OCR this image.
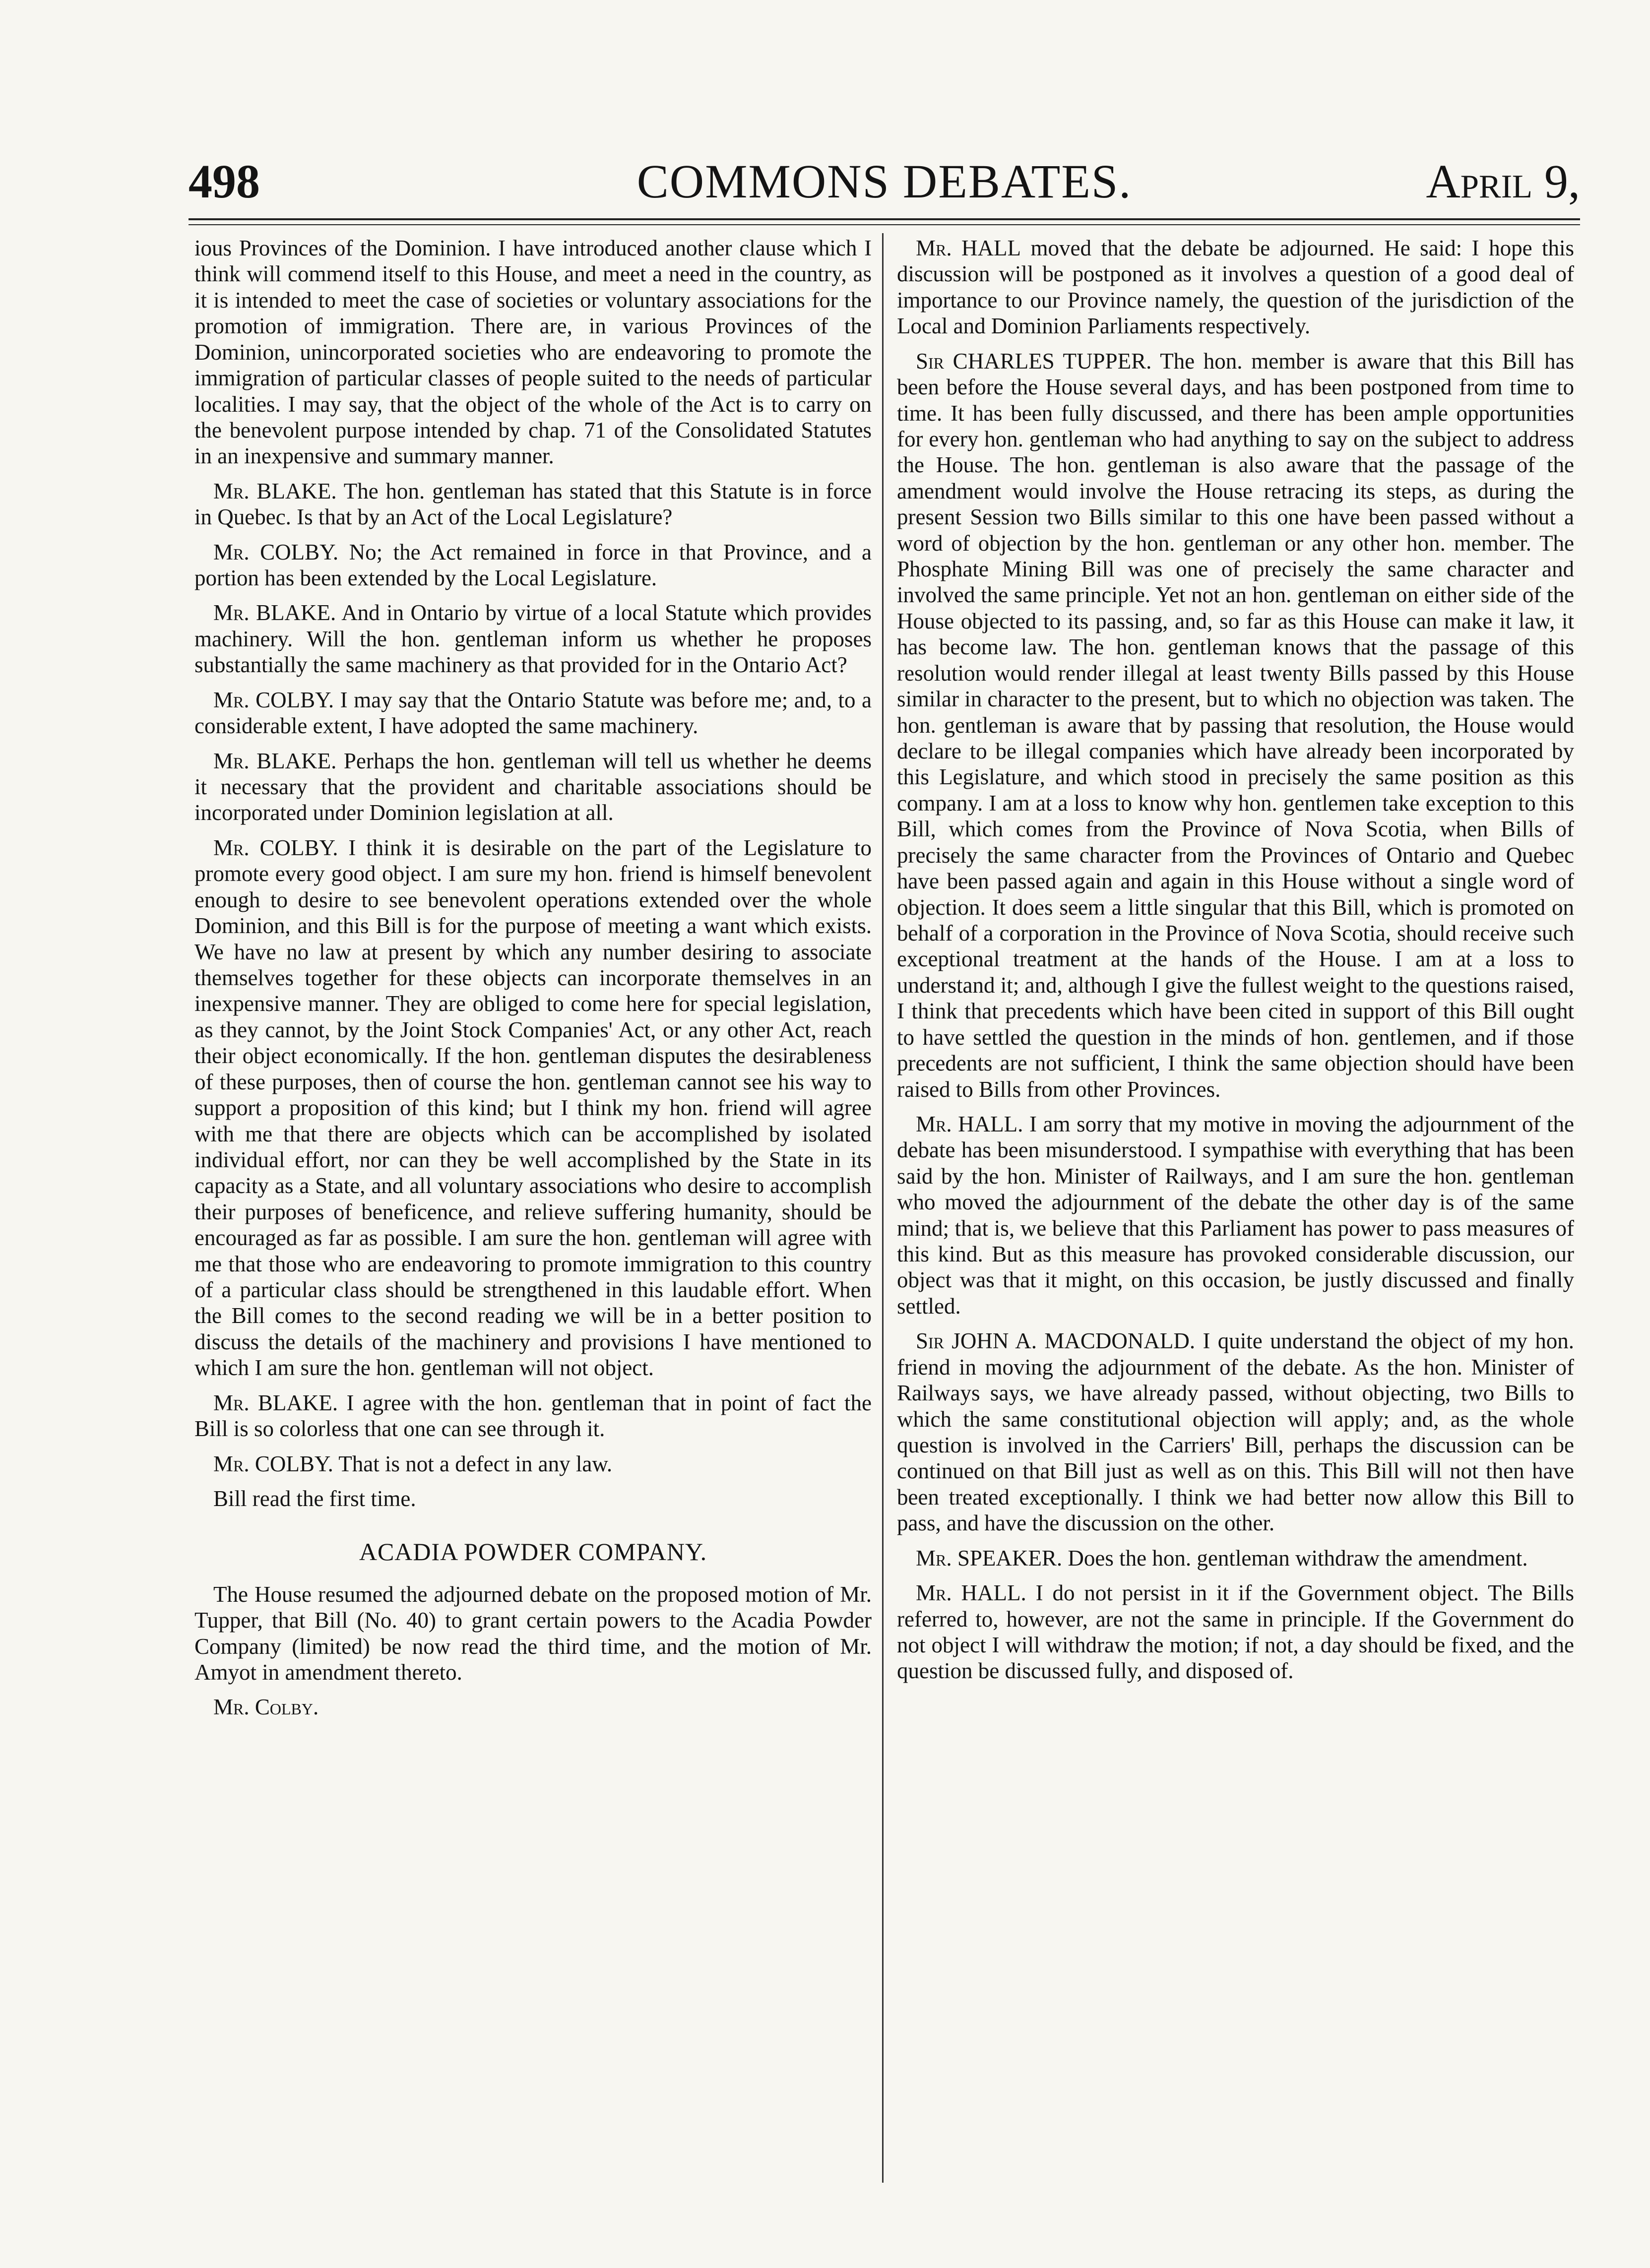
498	COMMONS DEBATES.	April 9,

ious Provinces of the Dominion. I have introduced another clause which I think will commend itself to this House, and meet a need in the country, as it is intended to meet the case of societies or voluntary associations for the promotion of immigration. There are, in various Provinces of the Dominion, unincorporated societies who are endeavoring to promote the immigration of particular classes of people suited to the needs of particular localities. I may say, that the object of the whole of the Act is to carry on the benevolent purpose intended by chap. 71 of the Consolidated Statutes in an inexpensive and summary manner.

Mr. BLAKE. The hon. gentleman has stated that this Statute is in force in Quebec. Is that by an Act of the Local Legislature?

Mr. COLBY. No; the Act remained in force in that Province, and a portion has been extended by the Local Legislature.

Mr. BLAKE. And in Ontario by virtue of a local Statute which provides machinery. Will the hon. gentleman inform us whether he proposes substantially the same machinery as that provided for in the Ontario Act?

Mr. COLBY. I may say that the Ontario Statute was before me; and, to a considerable extent, I have adopted the same machinery.

Mr. BLAKE. Perhaps the hon. gentleman will tell us whether he deems it necessary that the provident and charitable associations should be incorporated under Dominion legislation at all.

Mr. COLBY. I think it is desirable on the part of the Legislature to promote every good object. I am sure my hon. friend is himself benevolent enough to desire to see benevolent operations extended over the whole Dominion, and this Bill is for the purpose of meeting a want which exists. We have no law at present by which any number desiring to associate themselves together for these objects can incorporate themselves in an inexpensive manner. They are obliged to come here for special legislation, as they cannot, by the Joint Stock Companies' Act, or any other Act, reach their object economically. If the hon. gentleman disputes the desirableness of these purposes, then of course the hon. gentleman cannot see his way to support a proposition of this kind; but I think my hon. friend will agree with me that there are objects which can be accomplished by isolated individual effort, nor can they be well accomplished by the State in its capacity as a State, and all voluntary associations who desire to accomplish their purposes of beneficence, and relieve suffering humanity, should be encouraged as far as possible. I am sure the hon. gentleman will agree with me that those who are endeavoring to promote immigration to this country of a particular class should be strengthened in this laudable effort. When the Bill comes to the second reading we will be in a better position to discuss the details of the machinery and provisions I have mentioned to which I am sure the hon. gentleman will not object.

Mr. BLAKE. I agree with the hon. gentleman that in point of fact the Bill is so colorless that one can see through it.

Mr. COLBY. That is not a defect in any law.

Bill read the first time.

ACADIA POWDER COMPANY.

The House resumed the adjourned debate on the proposed motion of Mr. Tupper, that Bill (No. 40) to grant certain powers to the Acadia Powder Company (limited) be now read the third time, and the motion of Mr. Amyot in amendment thereto.

Mr. Colby.

Mr. HALL moved that the debate be adjourned. He said: I hope this discussion will be postponed as it involves a question of a good deal of importance to our Province namely, the question of the jurisdiction of the Local and Dominion Parliaments respectively.

Sir CHARLES TUPPER. The hon. member is aware that this Bill has been before the House several days, and has been postponed from time to time. It has been fully discussed, and there has been ample opportunities for every hon. gentleman who had anything to say on the subject to address the House. The hon. gentleman is also aware that the passage of the amendment would involve the House retracing its steps, as during the present Session two Bills similar to this one have been passed without a word of objection by the hon. gentleman or any other hon. member. The Phosphate Mining Bill was one of precisely the same character and involved the same principle. Yet not an hon. gentleman on either side of the House objected to its passing, and, so far as this House can make it law, it has become law. The hon. gentleman knows that the passage of this resolution would render illegal at least twenty Bills passed by this House similar in character to the present, but to which no objection was taken. The hon. gentleman is aware that by passing that resolution, the House would declare to be illegal companies which have already been incorporated by this Legislature, and which stood in precisely the same position as this company. I am at a loss to know why hon. gentlemen take exception to this Bill, which comes from the Province of Nova Scotia, when Bills of precisely the same character from the Provinces of Ontario and Quebec have been passed again and again in this House without a single word of objection. It does seem a little singular that this Bill, which is promoted on behalf of a corporation in the Province of Nova Scotia, should receive such exceptional treatment at the hands of the House. I am at a loss to understand it; and, although I give the fullest weight to the questions raised, I think that precedents which have been cited in support of this Bill ought to have settled the question in the minds of hon. gentlemen, and if those precedents are not sufficient, I think the same objection should have been raised to Bills from other Provinces.

Mr. HALL. I am sorry that my motive in moving the adjournment of the debate has been misunderstood. I sympathise with everything that has been said by the hon. Minister of Railways, and I am sure the hon. gentleman who moved the adjournment of the debate the other day is of the same mind; that is, we believe that this Parliament has power to pass measures of this kind. But as this measure has provoked considerable discussion, our object was that it might, on this occasion, be justly discussed and finally settled.

Sir JOHN A. MACDONALD. I quite understand the object of my hon. friend in moving the adjournment of the debate. As the hon. Minister of Railways says, we have already passed, without objecting, two Bills to which the same constitutional objection will apply; and, as the whole question is involved in the Carriers' Bill, perhaps the discussion can be continued on that Bill just as well as on this. This Bill will not then have been treated exceptionally. I think we had better now allow this Bill to pass, and have the discussion on the other.

Mr. SPEAKER. Does the hon. gentleman withdraw the amendment.

Mr. HALL. I do not persist in it if the Government object. The Bills referred to, however, are not the same in principle. If the Government do not object I will withdraw the motion; if not, a day should be fixed, and the question be discussed fully, and disposed of.
